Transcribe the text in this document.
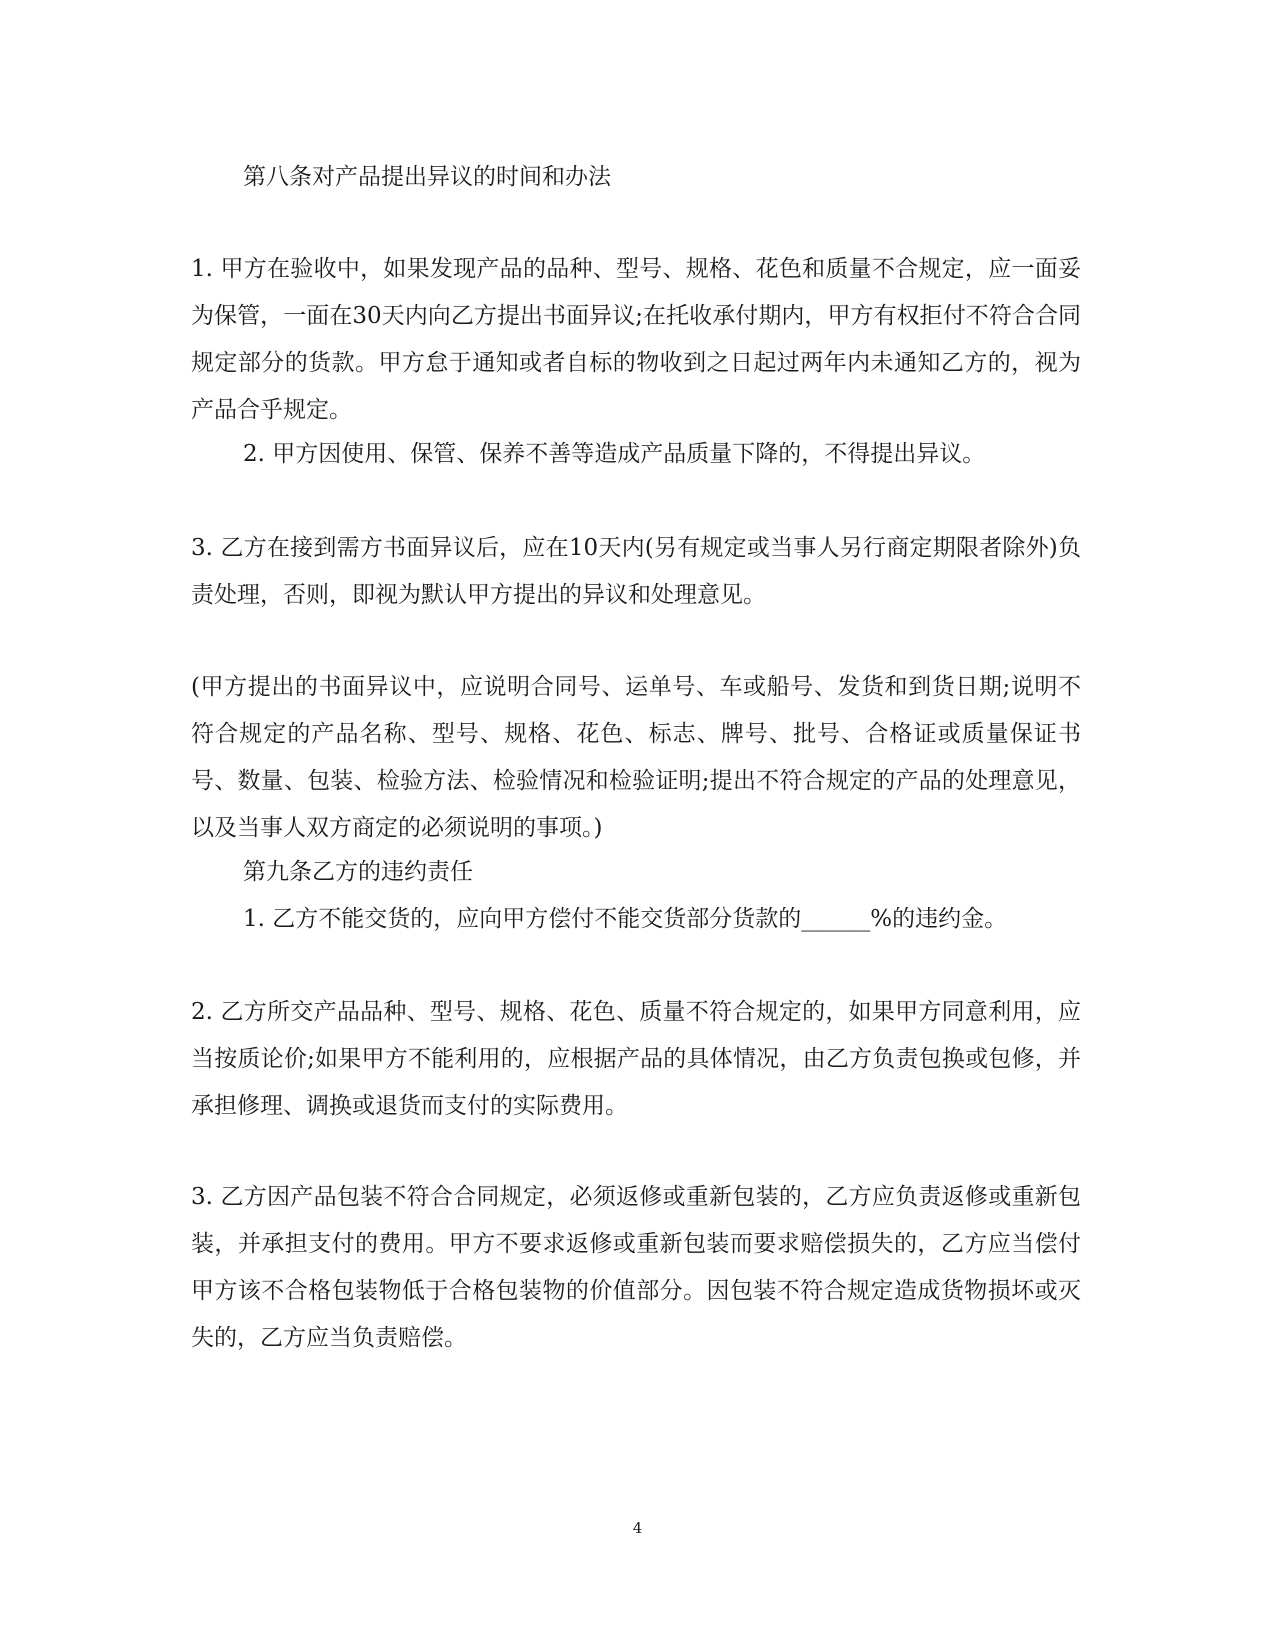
第八条对产品提出异议的时间和办法

1. 甲方在验收中，如果发现产品的品种、型号、规格、花色和质量不合规定，应一面妥为保管，一面在30天内向乙方提出书面异议;在托收承付期内，甲方有权拒付不符合合同规定部分的货款。甲方怠于通知或者自标的物收到之日起过两年内未通知乙方的，视为产品合乎规定。

2. 甲方因使用、保管、保养不善等造成产品质量下降的，不得提出异议。

3. 乙方在接到需方书面异议后，应在10天内(另有规定或当事人另行商定期限者除外)负责处理，否则，即视为默认甲方提出的异议和处理意见。

(甲方提出的书面异议中，应说明合同号、运单号、车或船号、发货和到货日期;说明不符合规定的产品名称、型号、规格、花色、标志、牌号、批号、合格证或质量保证书号、数量、包装、检验方法、检验情况和检验证明;提出不符合规定的产品的处理意见，以及当事人双方商定的必须说明的事项。)

第九条乙方的违约责任

1. 乙方不能交货的，应向甲方偿付不能交货部分货款的______%的违约金。

2. 乙方所交产品品种、型号、规格、花色、质量不符合规定的，如果甲方同意利用，应当按质论价;如果甲方不能利用的，应根据产品的具体情况，由乙方负责包换或包修，并承担修理、调换或退货而支付的实际费用。

3. 乙方因产品包装不符合合同规定，必须返修或重新包装的，乙方应负责返修或重新包装，并承担支付的费用。甲方不要求返修或重新包装而要求赔偿损失的，乙方应当偿付甲方该不合格包装物低于合格包装物的价值部分。因包装不符合规定造成货物损坏或灭失的，乙方应当负责赔偿。

4
